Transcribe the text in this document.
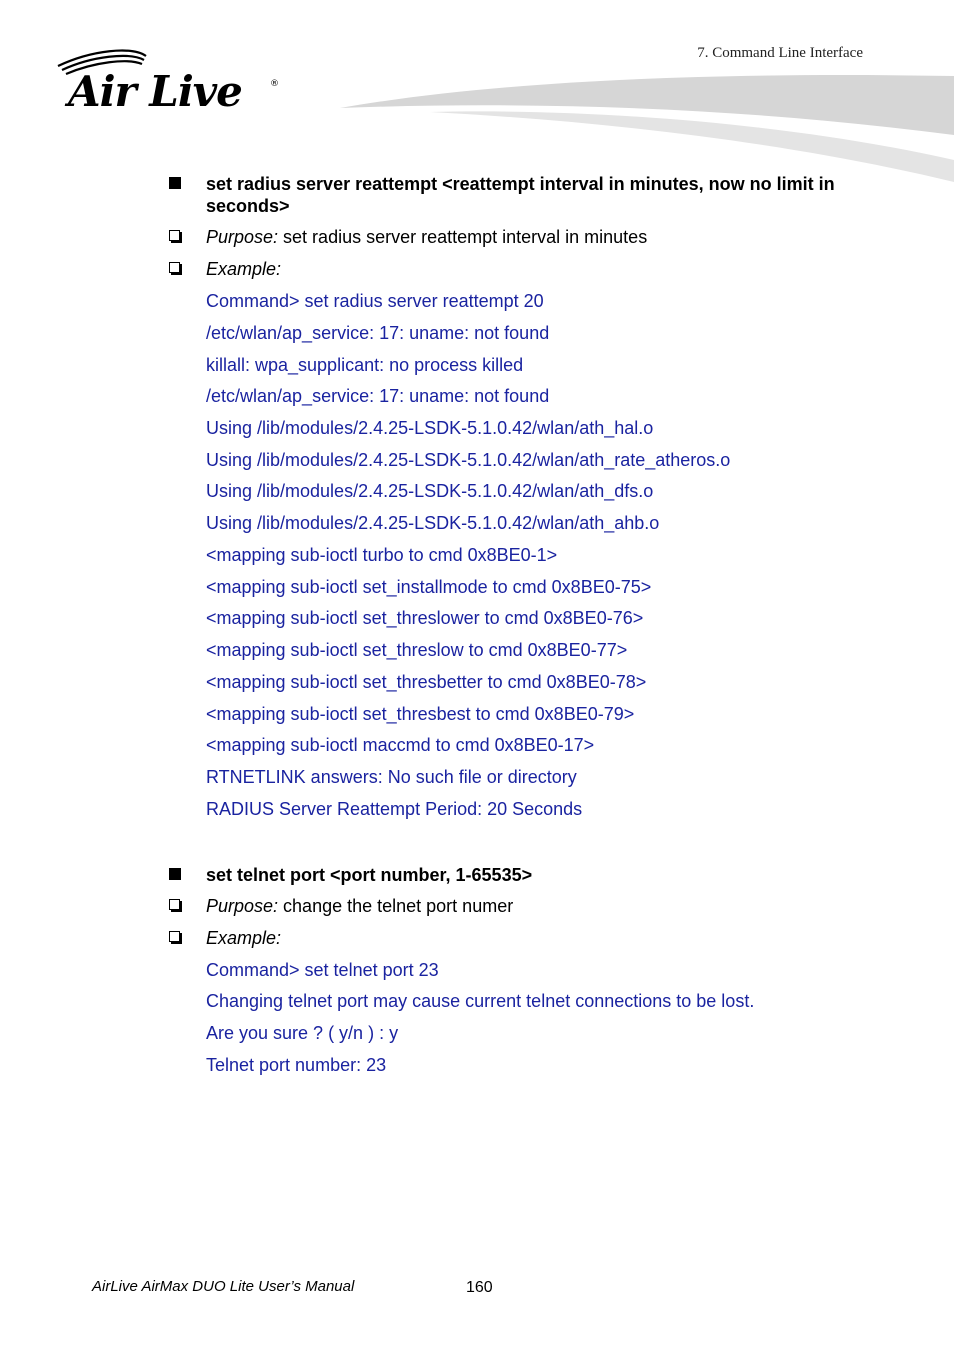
Air Live	®
7. Command Line Interface
set radius server reattempt <reattempt interval in minutes, now no limit in seconds>
Purpose: set radius server reattempt interval in minutes
Example:
Command> set radius server reattempt 20
/etc/wlan/ap_service: 17: uname: not found
killall: wpa_supplicant: no process killed
/etc/wlan/ap_service: 17: uname: not found
Using /lib/modules/2.4.25-LSDK-5.1.0.42/wlan/ath_hal.o
Using /lib/modules/2.4.25-LSDK-5.1.0.42/wlan/ath_rate_atheros.o
Using /lib/modules/2.4.25-LSDK-5.1.0.42/wlan/ath_dfs.o
Using /lib/modules/2.4.25-LSDK-5.1.0.42/wlan/ath_ahb.o
<mapping sub-ioctl turbo to cmd 0x8BE0-1>
<mapping sub-ioctl set_installmode to cmd 0x8BE0-75>
<mapping sub-ioctl set_threslower to cmd 0x8BE0-76>
<mapping sub-ioctl set_threslow to cmd 0x8BE0-77>
<mapping sub-ioctl set_thresbetter to cmd 0x8BE0-78>
<mapping sub-ioctl set_thresbest to cmd 0x8BE0-79>
<mapping sub-ioctl maccmd to cmd 0x8BE0-17>
RTNETLINK answers: No such file or directory
RADIUS Server Reattempt Period: 20 Seconds
set telnet port <port number, 1-65535>
Purpose: change the telnet port numer
Example:
Command> set telnet port 23
Changing telnet port may cause current telnet connections to be lost.
Are you sure ? ( y/n ) : y
Telnet port number: 23
AirLive AirMax DUO Lite User’s Manual	160
